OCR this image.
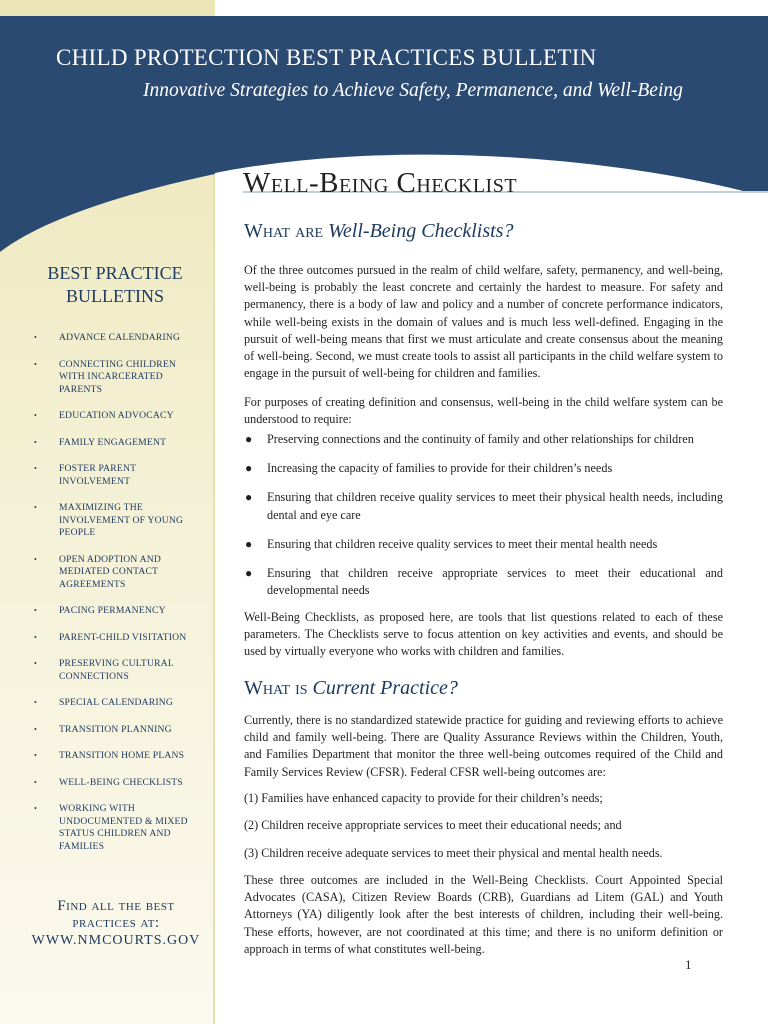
CHILD PROTECTION BEST PRACTICES BULLETIN
Innovative Strategies to Achieve Safety, Permanence, and Well-Being
Well-Being Checklist
BEST PRACTICE
BULLETINS
• ADVANCE CALENDARING
• CONNECTING CHILDREN WITH INCARCERATED PARENTS
• EDUCATION ADVOCACY
• FAMILY ENGAGEMENT
• FOSTER PARENT INVOLVEMENT
• MAXIMIZING THE INVOLVEMENT OF YOUNG PEOPLE
• OPEN ADOPTION AND MEDIATED CONTACT AGREEMENTS
• PACING PERMANENCY
• PARENT-CHILD VISITATION
• PRESERVING CULTURAL CONNECTIONS
• SPECIAL CALENDARING
• TRANSITION PLANNING
• TRANSITION HOME PLANS
• WELL-BEING CHECKLISTS
• WORKING WITH UNDOCUMENTED & MIXED STATUS CHILDREN AND FAMILIES
Find all the best
practices at:
WWW.NMCOURTS.GOV
What are Well-Being Checklists?

Of the three outcomes pursued in the realm of child welfare, safety, permanency, and well-being, well-being is probably the least concrete and certainly the hardest to measure. For safety and permanency, there is a body of law and policy and a number of concrete performance indicators, while well-being exists in the domain of values and is much less well-defined. Engaging in the pursuit of well-being means that first we must articulate and create consensus about the meaning of well-being. Second, we must create tools to assist all participants in the child welfare system to engage in the pursuit of well-being for children and families.

For purposes of creating definition and consensus, well-being in the child welfare system can be understood to require:

● Preserving connections and the continuity of family and other relationships for children
● Increasing the capacity of families to provide for their children’s needs
● Ensuring that children receive quality services to meet their physical health needs, including dental and eye care
● Ensuring that children receive quality services to meet their mental health needs
● Ensuring that children receive appropriate services to meet their educational and developmental needs

Well-Being Checklists, as proposed here, are tools that list questions related to each of these parameters. The Checklists serve to focus attention on key activities and events, and should be used by virtually everyone who works with children and families.

What is Current Practice?

Currently, there is no standardized statewide practice for guiding and reviewing efforts to achieve child and family well-being. There are Quality Assurance Reviews within the Children, Youth, and Families Department that monitor the three well-being outcomes required of the Child and Family Services Review (CFSR). Federal CFSR well-being outcomes are:

(1) Families have enhanced capacity to provide for their children’s needs;

(2) Children receive appropriate services to meet their educational needs; and

(3) Children receive adequate services to meet their physical and mental health needs.

These three outcomes are included in the Well-Being Checklists. Court Appointed Special Advocates (CASA), Citizen Review Boards (CRB), Guardians ad Litem (GAL) and Youth Attorneys (YA) diligently look after the best interests of children, including their well-being. These efforts, however, are not coordinated at this time; and there is no uniform definition or approach in terms of what constitutes well-being.

1
